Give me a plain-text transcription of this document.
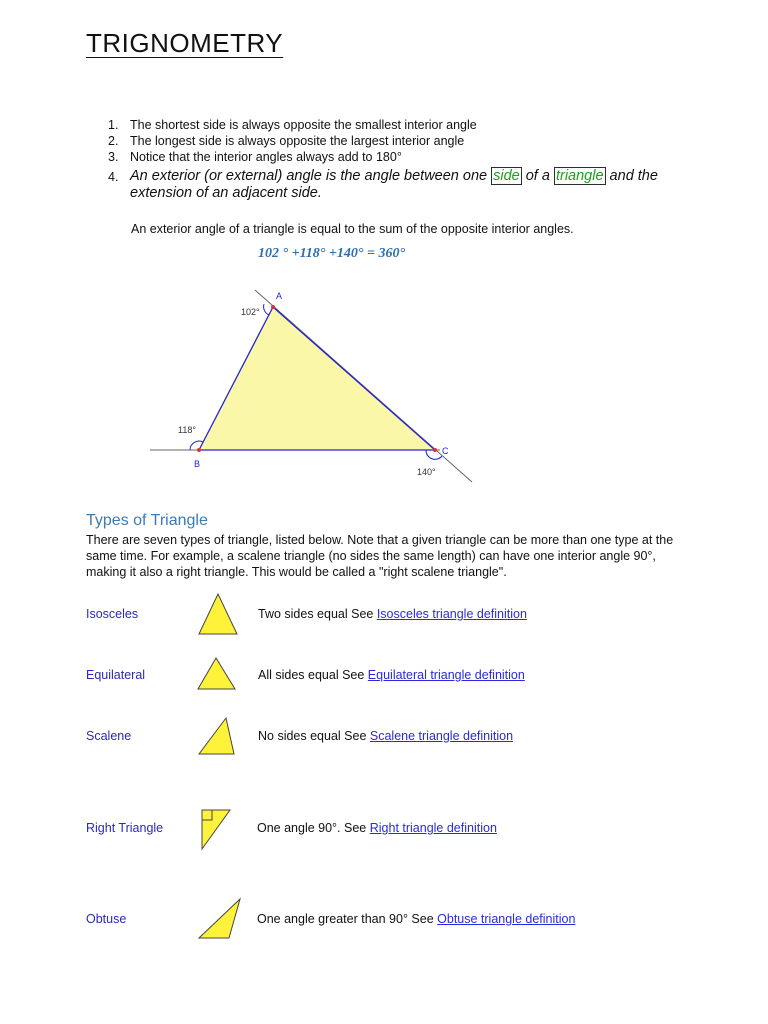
TRIGNOMETRY
1. The shortest side is always opposite the smallest interior angle
2. The longest side is always opposite the largest interior angle
3. Notice that the interior angles always add to 180°
4. An exterior (or external) angle is the angle between one side of a triangle and the
extension of an adjacent side.
An exterior angle of a triangle is equal to the sum of the opposite interior angles.
102 ° +118° +140° = 360°
A
B
C
102°
118°
140°
Types of Triangle
There are seven types of triangle, listed below. Note that a given triangle can be more than one type at the same time. For example, a scalene triangle (no sides the same length) can have one interior angle 90°, making it also a right triangle. This would be called a "right scalene triangle".
Isosceles	Two sides equal See Isosceles triangle definition
Equilateral	All sides equal See Equilateral triangle definition
Scalene	No sides equal See Scalene triangle definition
Right Triangle	One angle 90°. See Right triangle definition
Obtuse	One angle greater than 90° See Obtuse triangle definition
